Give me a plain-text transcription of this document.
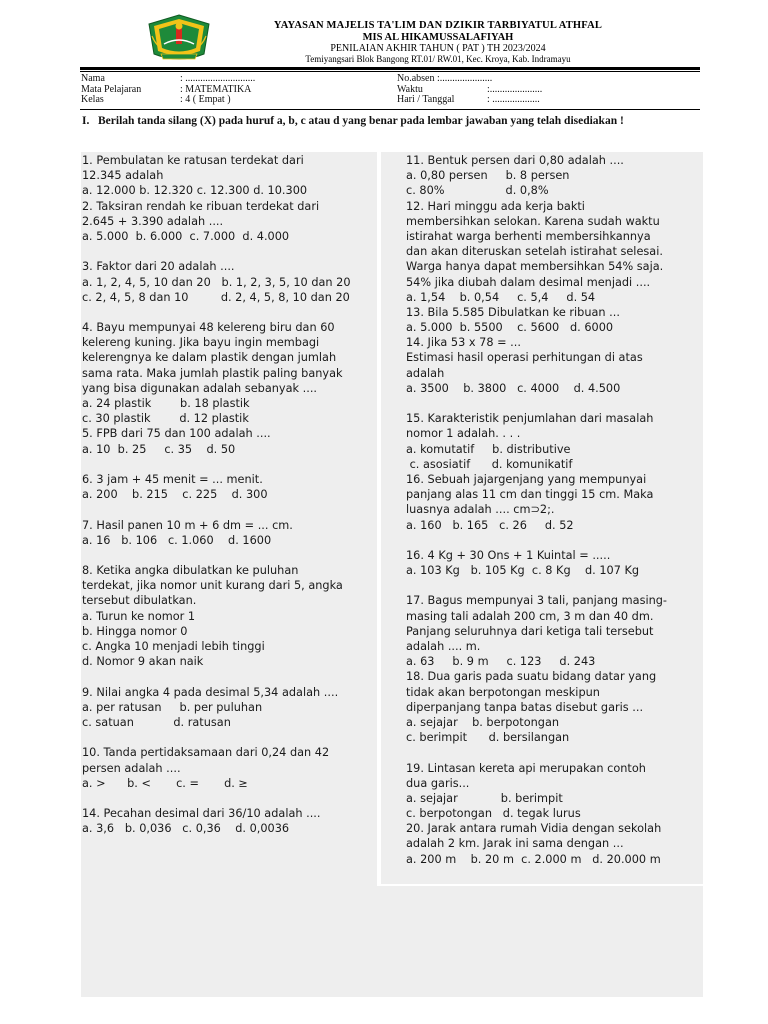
YAYASAN MAJELIS TA'LIM DAN DZIKIR TARBIYATUL ATHFAL
MIS AL HIKAMUSSALAFIYAH
PENILAIAN AKHIR TAHUN ( PAT ) TH 2023/2024
Temiyangsari Blok Bangong RT.01/ RW.01, Kec. Kroya, Kab. Indramayu
Nama	: ............................	No.absen :.....................
Mata Pelajaran	: MATEMATIKA	Waktu	:.....................
Kelas	: 4 ( Empat )	Hari / Tanggal	: ...................
I. Berilah tanda silang (X) pada huruf a, b, c atau d yang benar pada lembar jawaban yang telah disediakan !
1. Pembulatan ke ratusan terdekat dari
12.345 adalah
a. 12.000 b. 12.320 c. 12.300 d. 10.300
2. Taksiran rendah ke ribuan terdekat dari
2.645 + 3.390 adalah ....
a. 5.000  b. 6.000  c. 7.000  d. 4.000
3. Faktor dari 20 adalah ....
a. 1, 2, 4, 5, 10 dan 20   b. 1, 2, 3, 5, 10 dan 20
c. 2, 4, 5, 8 dan 10         d. 2, 4, 5, 8, 10 dan 20
4. Bayu mempunyai 48 kelereng biru dan 60
kelereng kuning. Jika bayu ingin membagi
kelerengnya ke dalam plastik dengan jumlah
sama rata. Maka jumlah plastik paling banyak
yang bisa digunakan adalah sebanyak ....
a. 24 plastik        b. 18 plastik
c. 30 plastik        d. 12 plastik
5. FPB dari 75 dan 100 adalah ....
a. 10  b. 25     c. 35    d. 50
6. 3 jam + 45 menit = ... menit.
a. 200    b. 215    c. 225    d. 300
7. Hasil panen 10 m + 6 dm = ... cm.
a. 16   b. 106   c. 1.060    d. 1600
8. Ketika angka dibulatkan ke puluhan
terdekat, jika nomor unit kurang dari 5, angka
tersebut dibulatkan.
a. Turun ke nomor 1
b. Hingga nomor 0
c. Angka 10 menjadi lebih tinggi
d. Nomor 9 akan naik
9. Nilai angka 4 pada desimal 5,34 adalah ....
a. per ratusan     b. per puluhan
c. satuan           d. ratusan
10. Tanda pertidaksamaan dari 0,24 dan 42
persen adalah ....
a. >      b. <       c. =       d. ≥
14. Pecahan desimal dari 36/10 adalah ....
a. 3,6   b. 0,036   c. 0,36    d. 0,0036
11. Bentuk persen dari 0,80 adalah ....
a. 0,80 persen     b. 8 persen
c. 80%                 d. 0,8%
12. Hari minggu ada kerja bakti
membersihkan selokan. Karena sudah waktu
istirahat warga berhenti membersihkannya
dan akan diteruskan setelah istirahat selesai.
Warga hanya dapat membersihkan 54% saja.
54% jika diubah dalam desimal menjadi ....
a. 1,54    b. 0,54     c. 5,4     d. 54
13. Bila 5.585 Dibulatkan ke ribuan ...
a. 5.000  b. 5500    c. 5600   d. 6000
14. Jika 53 x 78 = ...
Estimasi hasil operasi perhitungan di atas
adalah
a. 3500    b. 3800   c. 4000    d. 4.500
15. Karakteristik penjumlahan dari masalah
nomor 1 adalah. . . .
a. komutatif     b. distributive
c. asosiatif      d. komunikatif
16. Sebuah jajargenjang yang mempunyai
panjang alas 11 cm dan tinggi 15 cm. Maka
luasnya adalah .... cm⊃2;.
a. 160   b. 165   c. 26     d. 52
16. 4 Kg + 30 Ons + 1 Kuintal = .....
a. 103 Kg   b. 105 Kg  c. 8 Kg    d. 107 Kg
17. Bagus mempunyai 3 tali, panjang masing-
masing tali adalah 200 cm, 3 m dan 40 dm.
Panjang seluruhnya dari ketiga tali tersebut
adalah .... m.
a. 63     b. 9 m     c. 123     d. 243
18. Dua garis pada suatu bidang datar yang
tidak akan berpotongan meskipun
diperpanjang tanpa batas disebut garis ...
a. sejajar    b. berpotongan
c. berimpit      d. bersilangan
19. Lintasan kereta api merupakan contoh
dua garis...
a. sejajar            b. berimpit
c. berpotongan   d. tegak lurus
20. Jarak antara rumah Vidia dengan sekolah
adalah 2 km. Jarak ini sama dengan ...
a. 200 m    b. 20 m  c. 2.000 m   d. 20.000 m
